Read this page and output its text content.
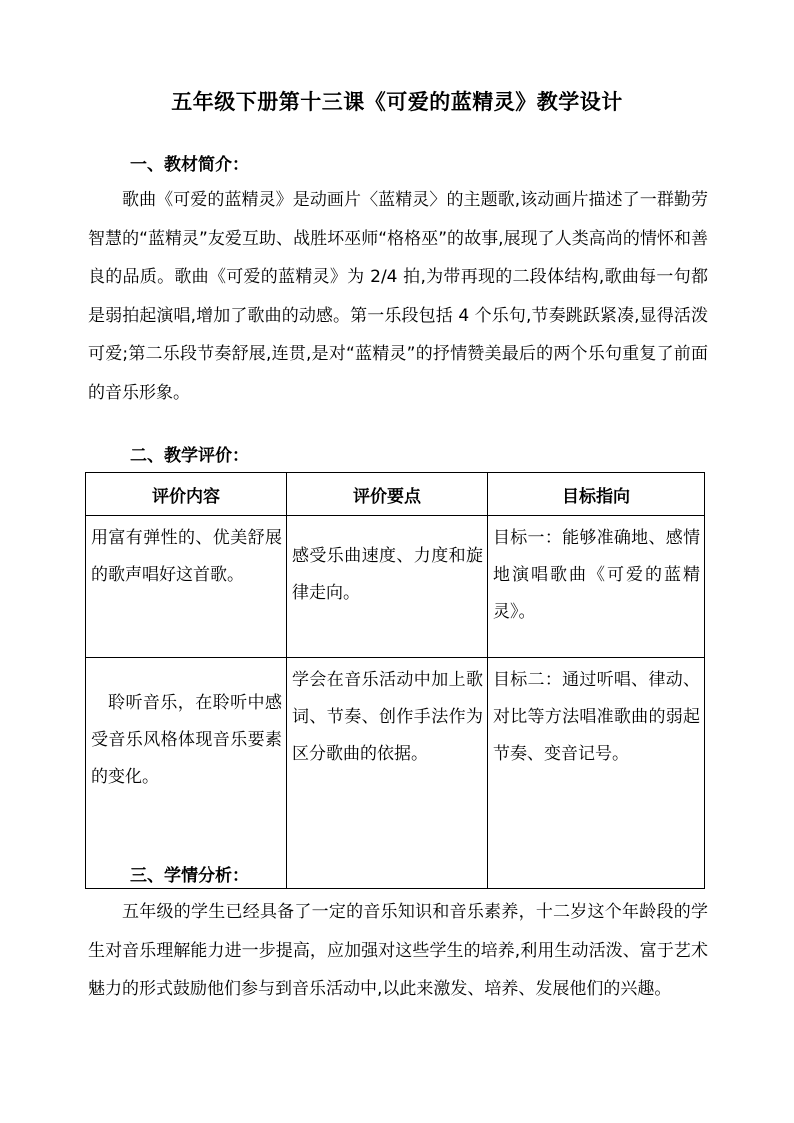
五年级下册第十三课《可爱的蓝精灵》教学设计
一、教材简介：

歌曲《可爱的蓝精灵》是动画片〈蓝精灵〉的主题歌,该动画片描述了一群勤劳智慧的“蓝精灵”友爱互助、战胜坏巫师“格格巫”的故事,展现了人类高尚的情怀和善良的品质。歌曲《可爱的蓝精灵》为 2/4 拍,为带再现的二段体结构,歌曲每一句都是弱拍起演唱,增加了歌曲的动感。第一乐段包括 4 个乐句,节奏跳跃紧凑,显得活泼可爱;第二乐段节奏舒展,连贯,是对“蓝精灵”的抒情赞美最后的两个乐句重复了前面的音乐形象。

二、教学评价：
评价内容	评价要点	目标指向
用富有弹性的、优美舒展的歌声唱好这首歌。	感受乐曲速度、力度和旋律走向。	目标一：能够准确地、感情地演唱歌曲《可爱的蓝精灵》。
聆听音乐，在聆听中感受音乐风格体现音乐要素的变化。	学会在音乐活动中加上歌词、节奏、创作手法作为区分歌曲的依据。	目标二：通过听唱、律动、对比等方法唱准歌曲的弱起节奏、变音记号。
三、学情分析：

五年级的学生已经具备了一定的音乐知识和音乐素养，十二岁这个年龄段的学生对音乐理解能力进一步提高，应加强对这些学生的培养,利用生动活泼、富于艺术魅力的形式鼓励他们参与到音乐活动中,以此来激发、培养、发展他们的兴趣。
